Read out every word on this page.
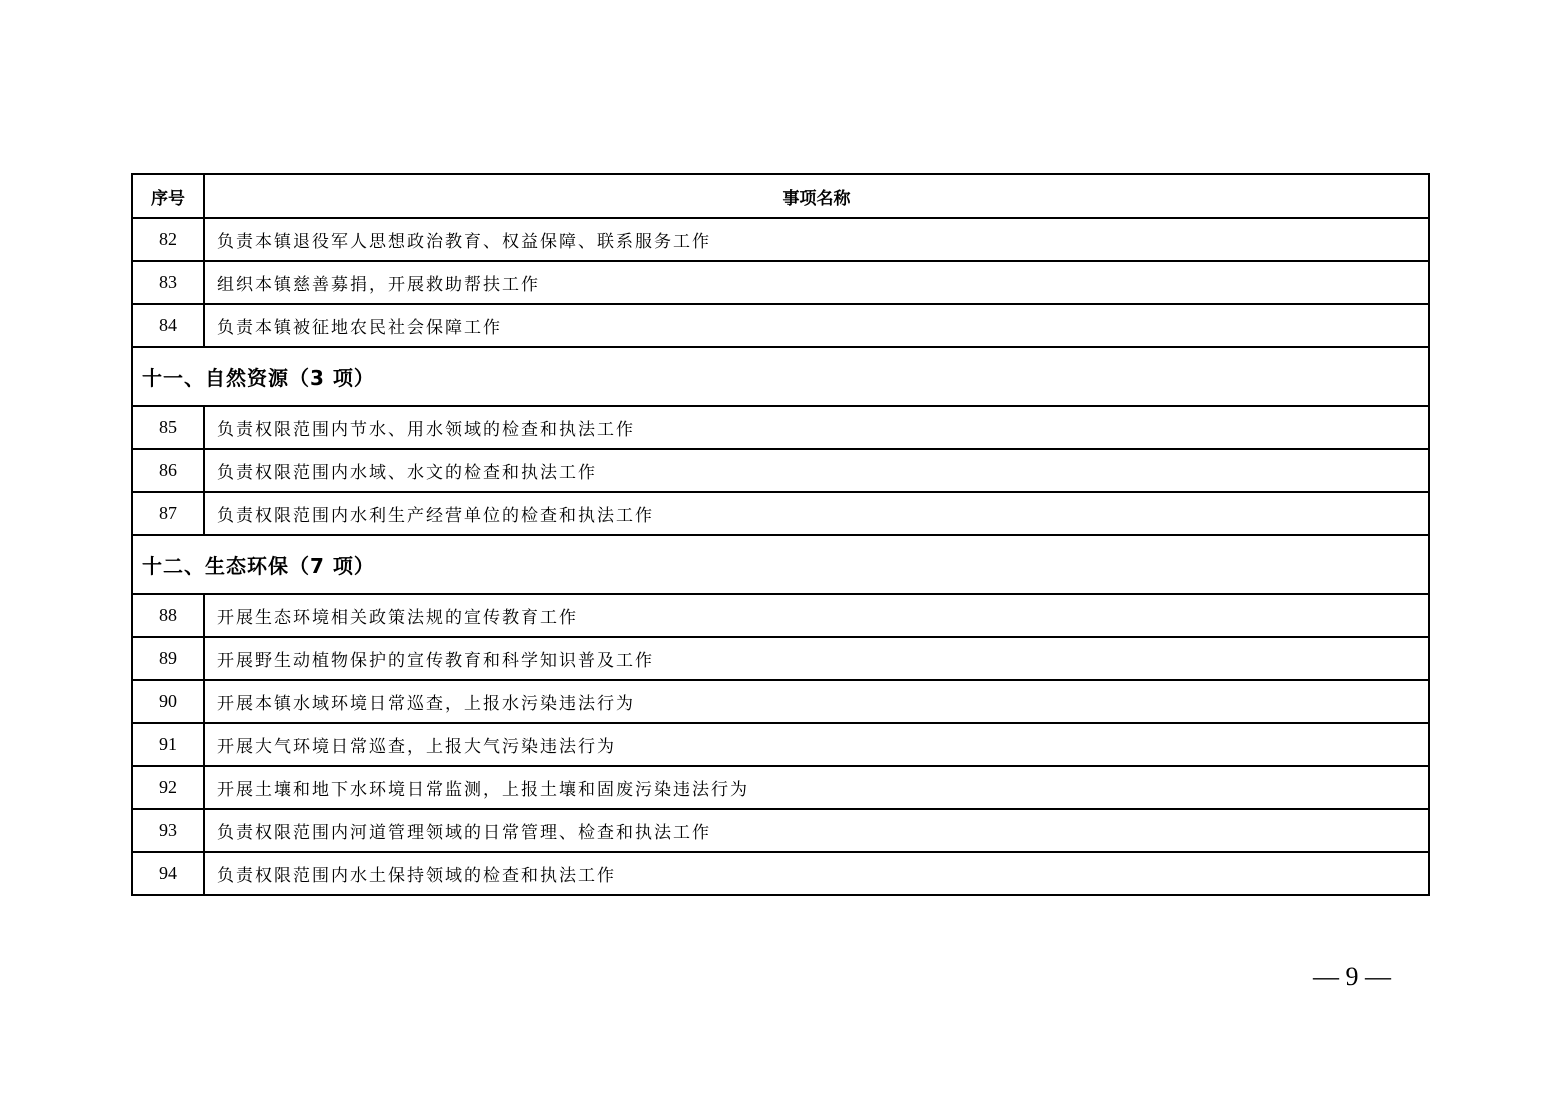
序号	事项名称
82	负责本镇退役军人思想政治教育、权益保障、联系服务工作
83	组织本镇慈善募捐，开展救助帮扶工作
84	负责本镇被征地农民社会保障工作
十一、自然资源（3 项）	
85	负责权限范围内节水、用水领域的检查和执法工作
86	负责权限范围内水域、水文的检查和执法工作
87	负责权限范围内水利生产经营单位的检查和执法工作
十二、生态环保（7 项）	
88	开展生态环境相关政策法规的宣传教育工作
89	开展野生动植物保护的宣传教育和科学知识普及工作
90	开展本镇水域环境日常巡查，上报水污染违法行为
91	开展大气环境日常巡查，上报大气污染违法行为
92	开展土壤和地下水环境日常监测，上报土壤和固废污染违法行为
93	负责权限范围内河道管理领域的日常管理、检查和执法工作
94	负责权限范围内水土保持领域的检查和执法工作
— 9 —
